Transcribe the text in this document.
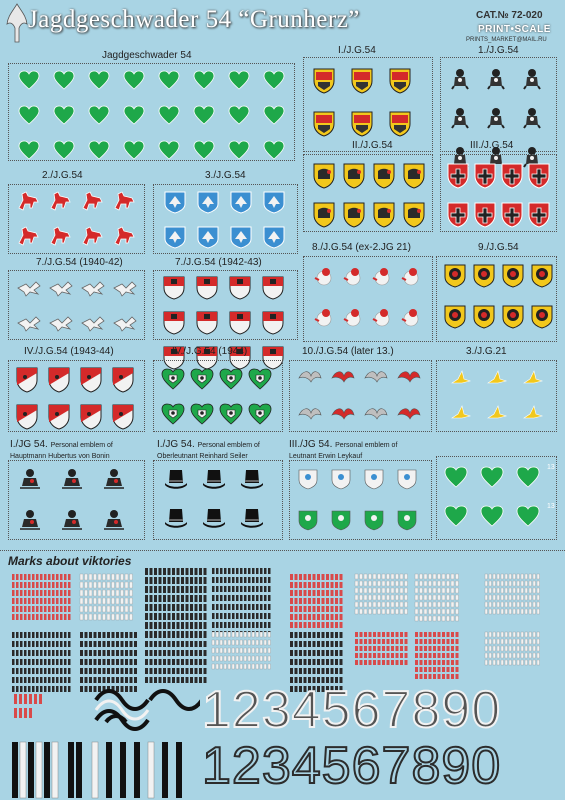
Jagdgeschwader 54 “Grunherz”	CAT.№ 72-020
PRINT•SCALE
PRINTS_MARKET@MAIL.RU
Jagdgeschwader 54	I./J.G.54	1./J.G.54
II./J.G.54	III./J.G.54
2./J.G.54	3./J.G.54
7./J.G.54 (1940-42)	7./J.G.54 (1942-43)
8./J.G.54 (ex-2.JG 21)	9./J.G.54
IV./J.G.54 (1943-44)	IV./J.G.54 (1944)	10./J.G.54 (later 13.)	3./J.G.21
I./JG 54. Personal emblem of
Hauptmann Hubertus von Bonin
I./JG 54. Personal emblem of
Oberleutnant Reinhard Seiler
III./JG 54. Personal emblem of
Leutnant Erwin Leykauf
$^{13}$
$^{13}$
Marks about viktories
1234567890
1234567890
